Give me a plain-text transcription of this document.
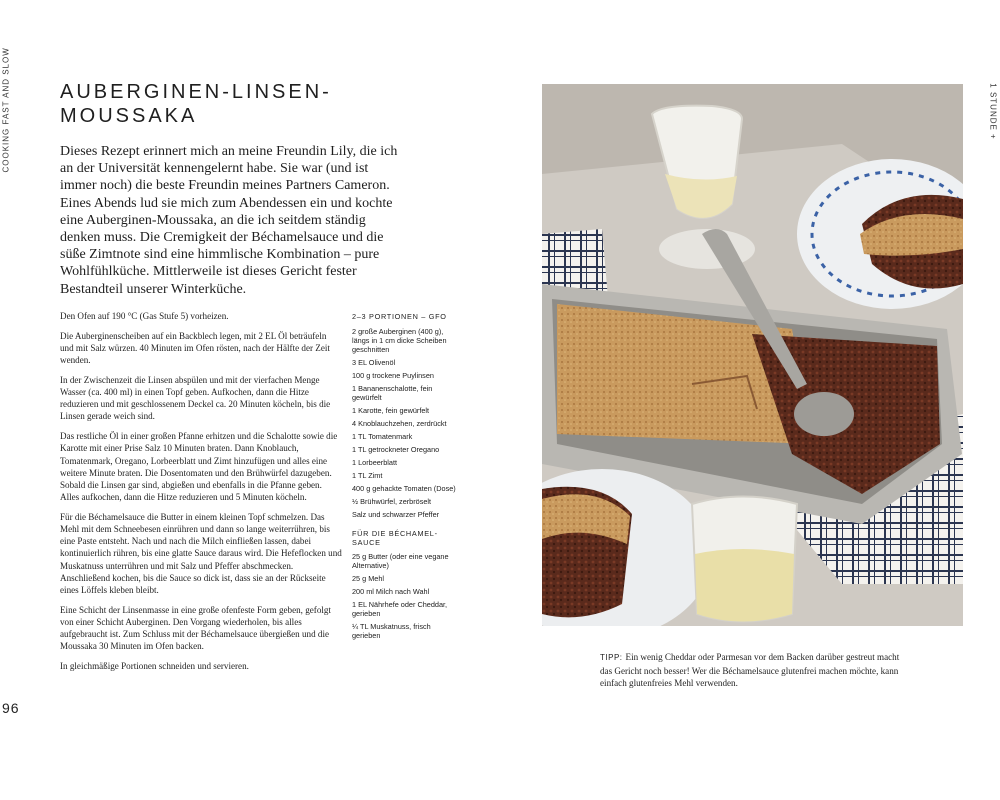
COOKING FAST AND SLOW	1 STUNDE +
AUBERGINEN-LINSEN-MOUSSAKA

Dieses Rezept erinnert mich an meine Freundin Lily, die ich an der Universität kennengelernt habe. Sie war (und ist immer noch) die beste Freundin meines Partners Cameron. Eines Abends lud sie mich zum Abendessen ein und kochte eine Auberginen-Moussaka, an die ich seitdem ständig denken muss. Die Cremigkeit der Béchamelsauce und die süße Zimtnote sind eine himmlische Kombination – pure Wohlfühlküche. Mittlerweile ist dieses Gericht fester Bestandteil unserer Winterküche.

Den Ofen auf 190 °C (Gas Stufe 5) vorheizen.

Die Auberginenscheiben auf ein Backblech legen, mit 2 EL Öl beträufeln und mit Salz würzen. 40 Minuten im Ofen rösten, nach der Hälfte der Zeit wenden.

In der Zwischenzeit die Linsen abspülen und mit der vierfachen Menge Wasser (ca. 400 ml) in einen Topf geben. Aufkochen, dann die Hitze reduzieren und mit geschlossenem Deckel ca. 20 Minuten köcheln, bis die Linsen gerade weich sind.

Das restliche Öl in einer großen Pfanne erhitzen und die Schalotte sowie die Karotte mit einer Prise Salz 10 Minuten braten. Dann Knoblauch, Tomatenmark, Oregano, Lorbeerblatt und Zimt hinzufügen und alles eine weitere Minute braten. Die Dosentomaten und den Brühwürfel dazugeben. Sobald die Linsen gar sind, abgießen und ebenfalls in die Pfanne geben. Alles aufkochen, dann die Hitze reduzieren und 5 Minuten köcheln.

Für die Béchamelsauce die Butter in einem kleinen Topf schmelzen. Das Mehl mit dem Schneebesen einrühren und dann so lange weiterrühren, bis eine Paste entsteht. Nach und nach die Milch einfließen lassen, dabei kontinuierlich rühren, bis eine glatte Sauce daraus wird. Die Hefeflocken und Muskatnuss unterrühren und mit Salz und Pfeffer abschmecken. Anschließend kochen, bis die Sauce so dick ist, dass sie an der Rückseite eines Löffels kleben bleibt.

Eine Schicht der Linsenmasse in eine große ofenfeste Form geben, gefolgt von einer Schicht Auberginen. Den Vorgang wiederholen, bis alles aufgebraucht ist. Zum Schluss mit der Béchamelsauce übergießen und die Moussaka 30 Minuten im Ofen backen.

In gleichmäßige Portionen schneiden und servieren.

2–3 PORTIONEN – GFO
2 große Auberginen (400 g), längs in 1 cm dicke Scheiben geschnitten
3 EL Olivenöl
100 g trockene Puylinsen
1 Bananenschalotte, fein gewürfelt
1 Karotte, fein gewürfelt
4 Knoblauchzehen, zerdrückt
1 TL Tomatenmark
1 TL getrockneter Oregano
1 Lorbeerblatt
1 TL Zimt
400 g gehackte Tomaten (Dose)
½ Brühwürfel, zerbröselt
Salz und schwarzer Pfeffer
FÜR DIE BÉCHAMELSAUCE
25 g Butter (oder eine vegane Alternative)
25 g Mehl
200 ml Milch nach Wahl
1 EL Nährhefe oder Cheddar, gerieben
¼ TL Muskatnuss, frisch gerieben
96

TIPP: Ein wenig Cheddar oder Parmesan vor dem Backen darüber gestreut macht das Gericht noch besser! Wer die Béchamelsauce glutenfrei machen möchte, kann einfach glutenfreies Mehl verwenden.
